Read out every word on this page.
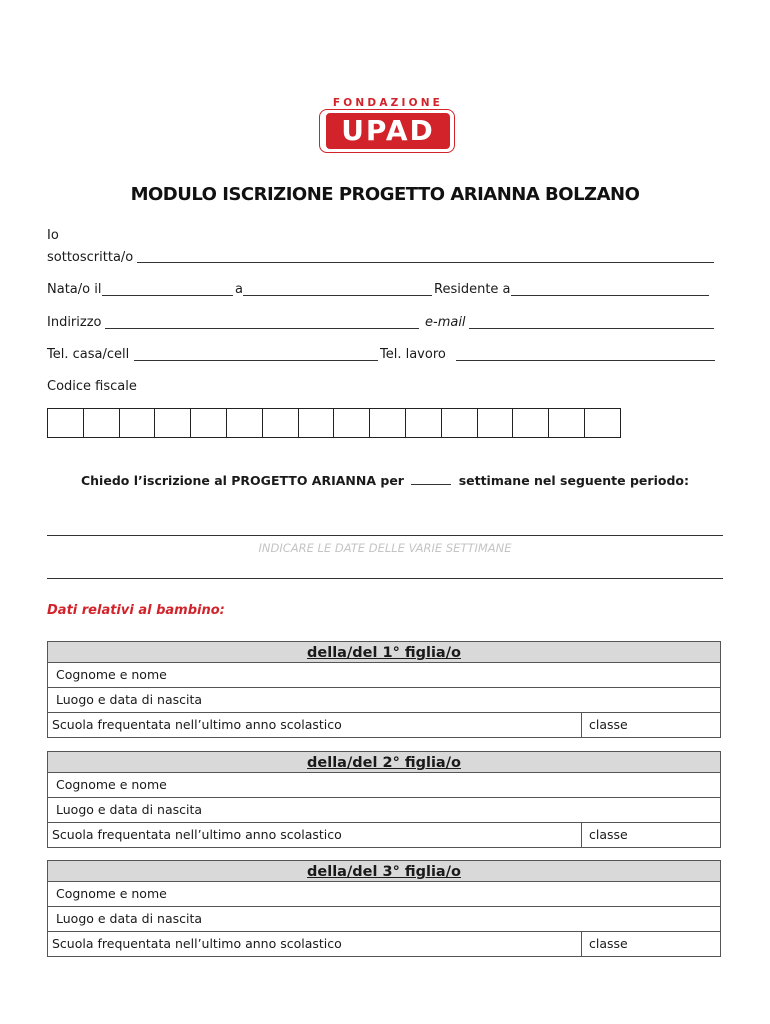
FONDAZIONE
UPAD
MODULO ISCRIZIONE PROGETTO ARIANNA BOLZANO
Io
sottoscritta/o
Nata/o il	a	Residente a
Indirizzo	e-mail
Tel. casa/cell	Tel. lavoro
Codice fiscale
Chiedo l’iscrizione al PROGETTO ARIANNA per	settimane nel seguente periodo:
INDICARE LE DATE DELLE VARIE SETTIMANE
Dati relativi al bambino:
della/del 1° figlia/o
Cognome e nome
Luogo e data di nascita
Scuola frequentata nell’ultimo anno scolastico	classe
della/del 2° figlia/o
Cognome e nome
Luogo e data di nascita
Scuola frequentata nell’ultimo anno scolastico	classe
della/del 3° figlia/o
Cognome e nome
Luogo e data di nascita
Scuola frequentata nell’ultimo anno scolastico	classe
